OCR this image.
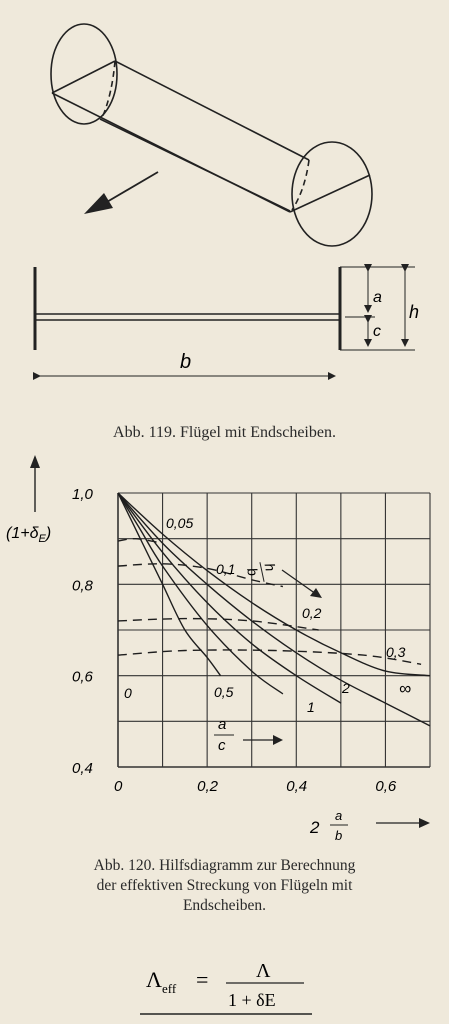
a
c
h
b
$(1+\delta_E)$
0	0,2	0,4	0,6
0,4
0,6
0,8
1,0
0,05
0,1
0,2
0,3
0	0,5
1
2	∞
h
b
a
c
2
a
b
Λ eff = Λ
1 + δE
Abb. 119. Flügel mit Endscheiben.
Abb. 120. Hilfsdiagramm zur Berechnung
der effektiven Streckung von Flügeln mit
Endscheiben.
